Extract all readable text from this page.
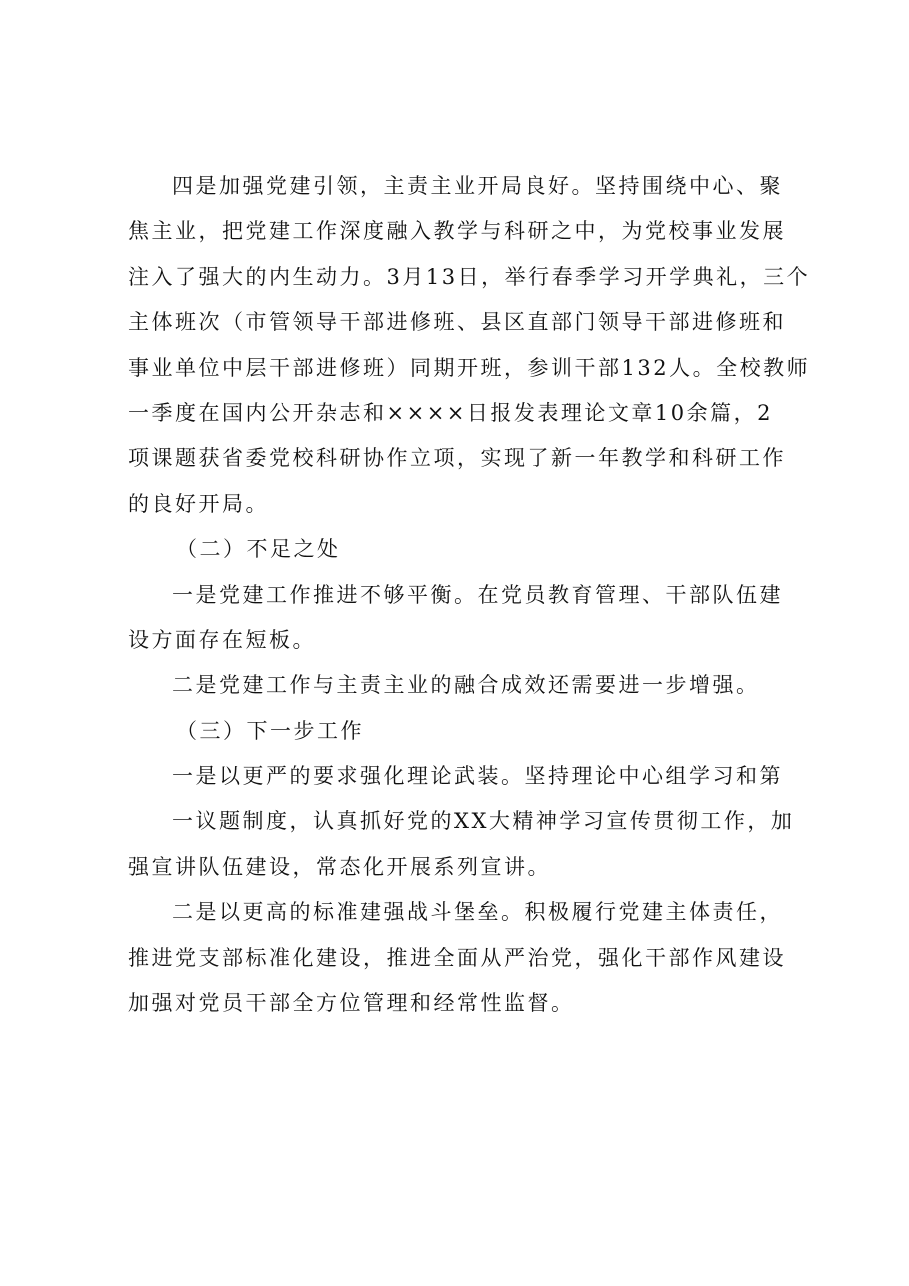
四是加强党建引领，主责主业开局良好。坚持围绕中心、聚
焦主业，把党建工作深度融入教学与科研之中，为党校事业发展
注入了强大的内生动力。3月13日，举行春季学习开学典礼，三个
主体班次（市管领导干部进修班、县区直部门领导干部进修班和
事业单位中层干部进修班）同期开班，参训干部132人。全校教师
一季度在国内公开杂志和××××日报发表理论文章10余篇，2
项课题获省委党校科研协作立项，实现了新一年教学和科研工作
的良好开局。
（二）不足之处
一是党建工作推进不够平衡。在党员教育管理、干部队伍建
设方面存在短板。
二是党建工作与主责主业的融合成效还需要进一步增强。
（三）下一步工作
一是以更严的要求强化理论武装。坚持理论中心组学习和第
一议题制度，认真抓好党的XX大精神学习宣传贯彻工作，加
强宣讲队伍建设，常态化开展系列宣讲。
二是以更高的标准建强战斗堡垒。积极履行党建主体责任，
推进党支部标准化建设，推进全面从严治党，强化干部作风建设
加强对党员干部全方位管理和经常性监督。
